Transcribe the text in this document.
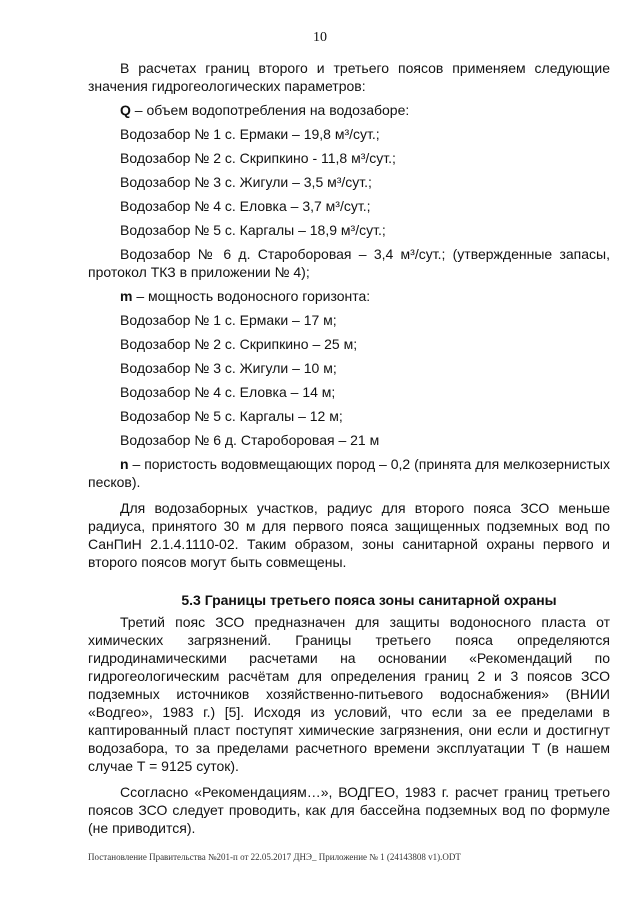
10

В расчетах границ второго и третьего поясов применяем следующие значения гидрогеологических параметров:

Q – объем водопотребления на водозаборе:

Водозабор № 1 с. Ермаки – 19,8 м³/сут.;

Водозабор № 2 с. Скрипкино - 11,8 м³/сут.;

Водозабор № 3 с. Жигули – 3,5 м³/сут.;

Водозабор № 4 с. Еловка – 3,7 м³/сут.;

Водозабор № 5 с. Каргалы – 18,9 м³/сут.;

Водозабор № 6 д. Староборовая – 3,4 м³/сут.; (утвержденные запасы, протокол ТКЗ в приложении № 4);

m – мощность водоносного горизонта:

Водозабор № 1 с. Ермаки – 17 м;

Водозабор № 2 с. Скрипкино – 25 м;

Водозабор № 3 с. Жигули – 10 м;

Водозабор № 4 с. Еловка – 14 м;

Водозабор № 5 с. Каргалы – 12 м;

Водозабор № 6 д. Староборовая – 21 м

n – пористость водовмещающих пород – 0,2 (принята для мелкозернистых песков).

Для водозаборных участков, радиус для второго пояса ЗСО меньше радиуса, принятого 30 м для первого пояса защищенных подземных вод по СанПиН 2.1.4.1110-02. Таким образом, зоны санитарной охраны первого и второго поясов могут быть совмещены.

5.3 Границы третьего пояса зоны санитарной охраны

Третий пояс ЗСО предназначен для защиты водоносного пласта от химических загрязнений. Границы третьего пояса определяются гидродинамическими расчетами на основании «Рекомендаций по гидрогеологическим расчётам для определения границ 2 и 3 поясов ЗСО подземных источников хозяйственно-питьевого водоснабжения» (ВНИИ «Водгео», 1983 г.) [5]. Исходя из условий, что если за ее пределами в каптированный пласт поступят химические загрязнения, они если и достигнут водозабора, то за пределами расчетного времени эксплуатации T (в нашем случае T = 9125 суток).

Ссогласно «Рекомендациям…», ВОДГЕО, 1983 г. расчет границ третьего поясов ЗСО следует проводить, как для бассейна подземных вод по формуле (не приводится).

Постановление Правительства №201-п от 22.05.2017 ДНЭ_ Приложение № 1 (24143808 v1).ODT
